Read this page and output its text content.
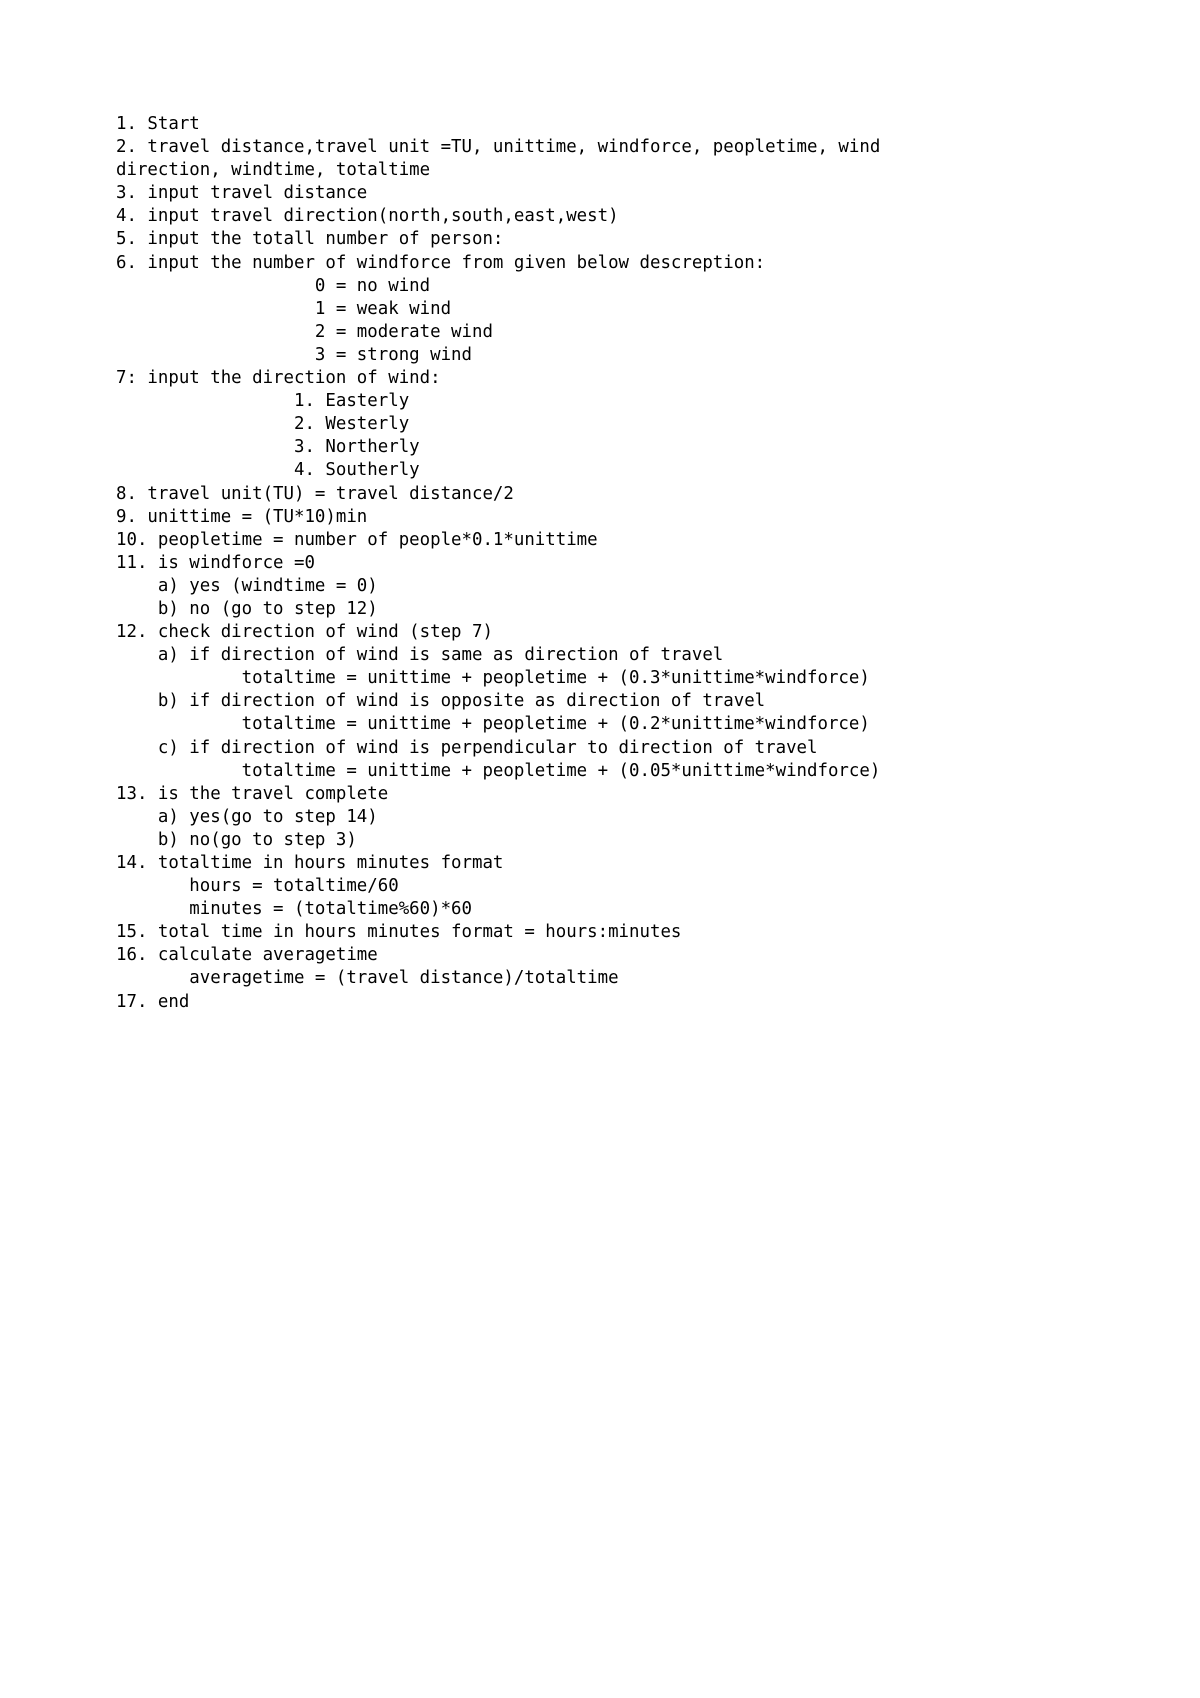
1. Start
2. travel distance,travel unit =TU, unittime, windforce, peopletime, wind
direction, windtime, totaltime
3. input travel distance
4. input travel direction(north,south,east,west)
5. input the totall number of person:
6. input the number of windforce from given below descreption:
0 = no wind
1 = weak wind
2 = moderate wind
3 = strong wind
7: input the direction of wind:
1. Easterly
2. Westerly
3. Northerly
4. Southerly
8. travel unit(TU) = travel distance/2
9. unittime = (TU*10)min
10. peopletime = number of people*0.1*unittime
11. is windforce =0
a) yes (windtime = 0)
b) no (go to step 12)
12. check direction of wind (step 7)
a) if direction of wind is same as direction of travel
totaltime = unittime + peopletime + (0.3*unittime*windforce)
b) if direction of wind is opposite as direction of travel
totaltime = unittime + peopletime + (0.2*unittime*windforce)
c) if direction of wind is perpendicular to direction of travel
totaltime = unittime + peopletime + (0.05*unittime*windforce)
13. is the travel complete
a) yes(go to step 14)
b) no(go to step 3)
14. totaltime in hours minutes format
hours = totaltime/60
minutes = (totaltime%60)*60
15. total time in hours minutes format = hours:minutes
16. calculate averagetime
averagetime = (travel distance)/totaltime
17. end
